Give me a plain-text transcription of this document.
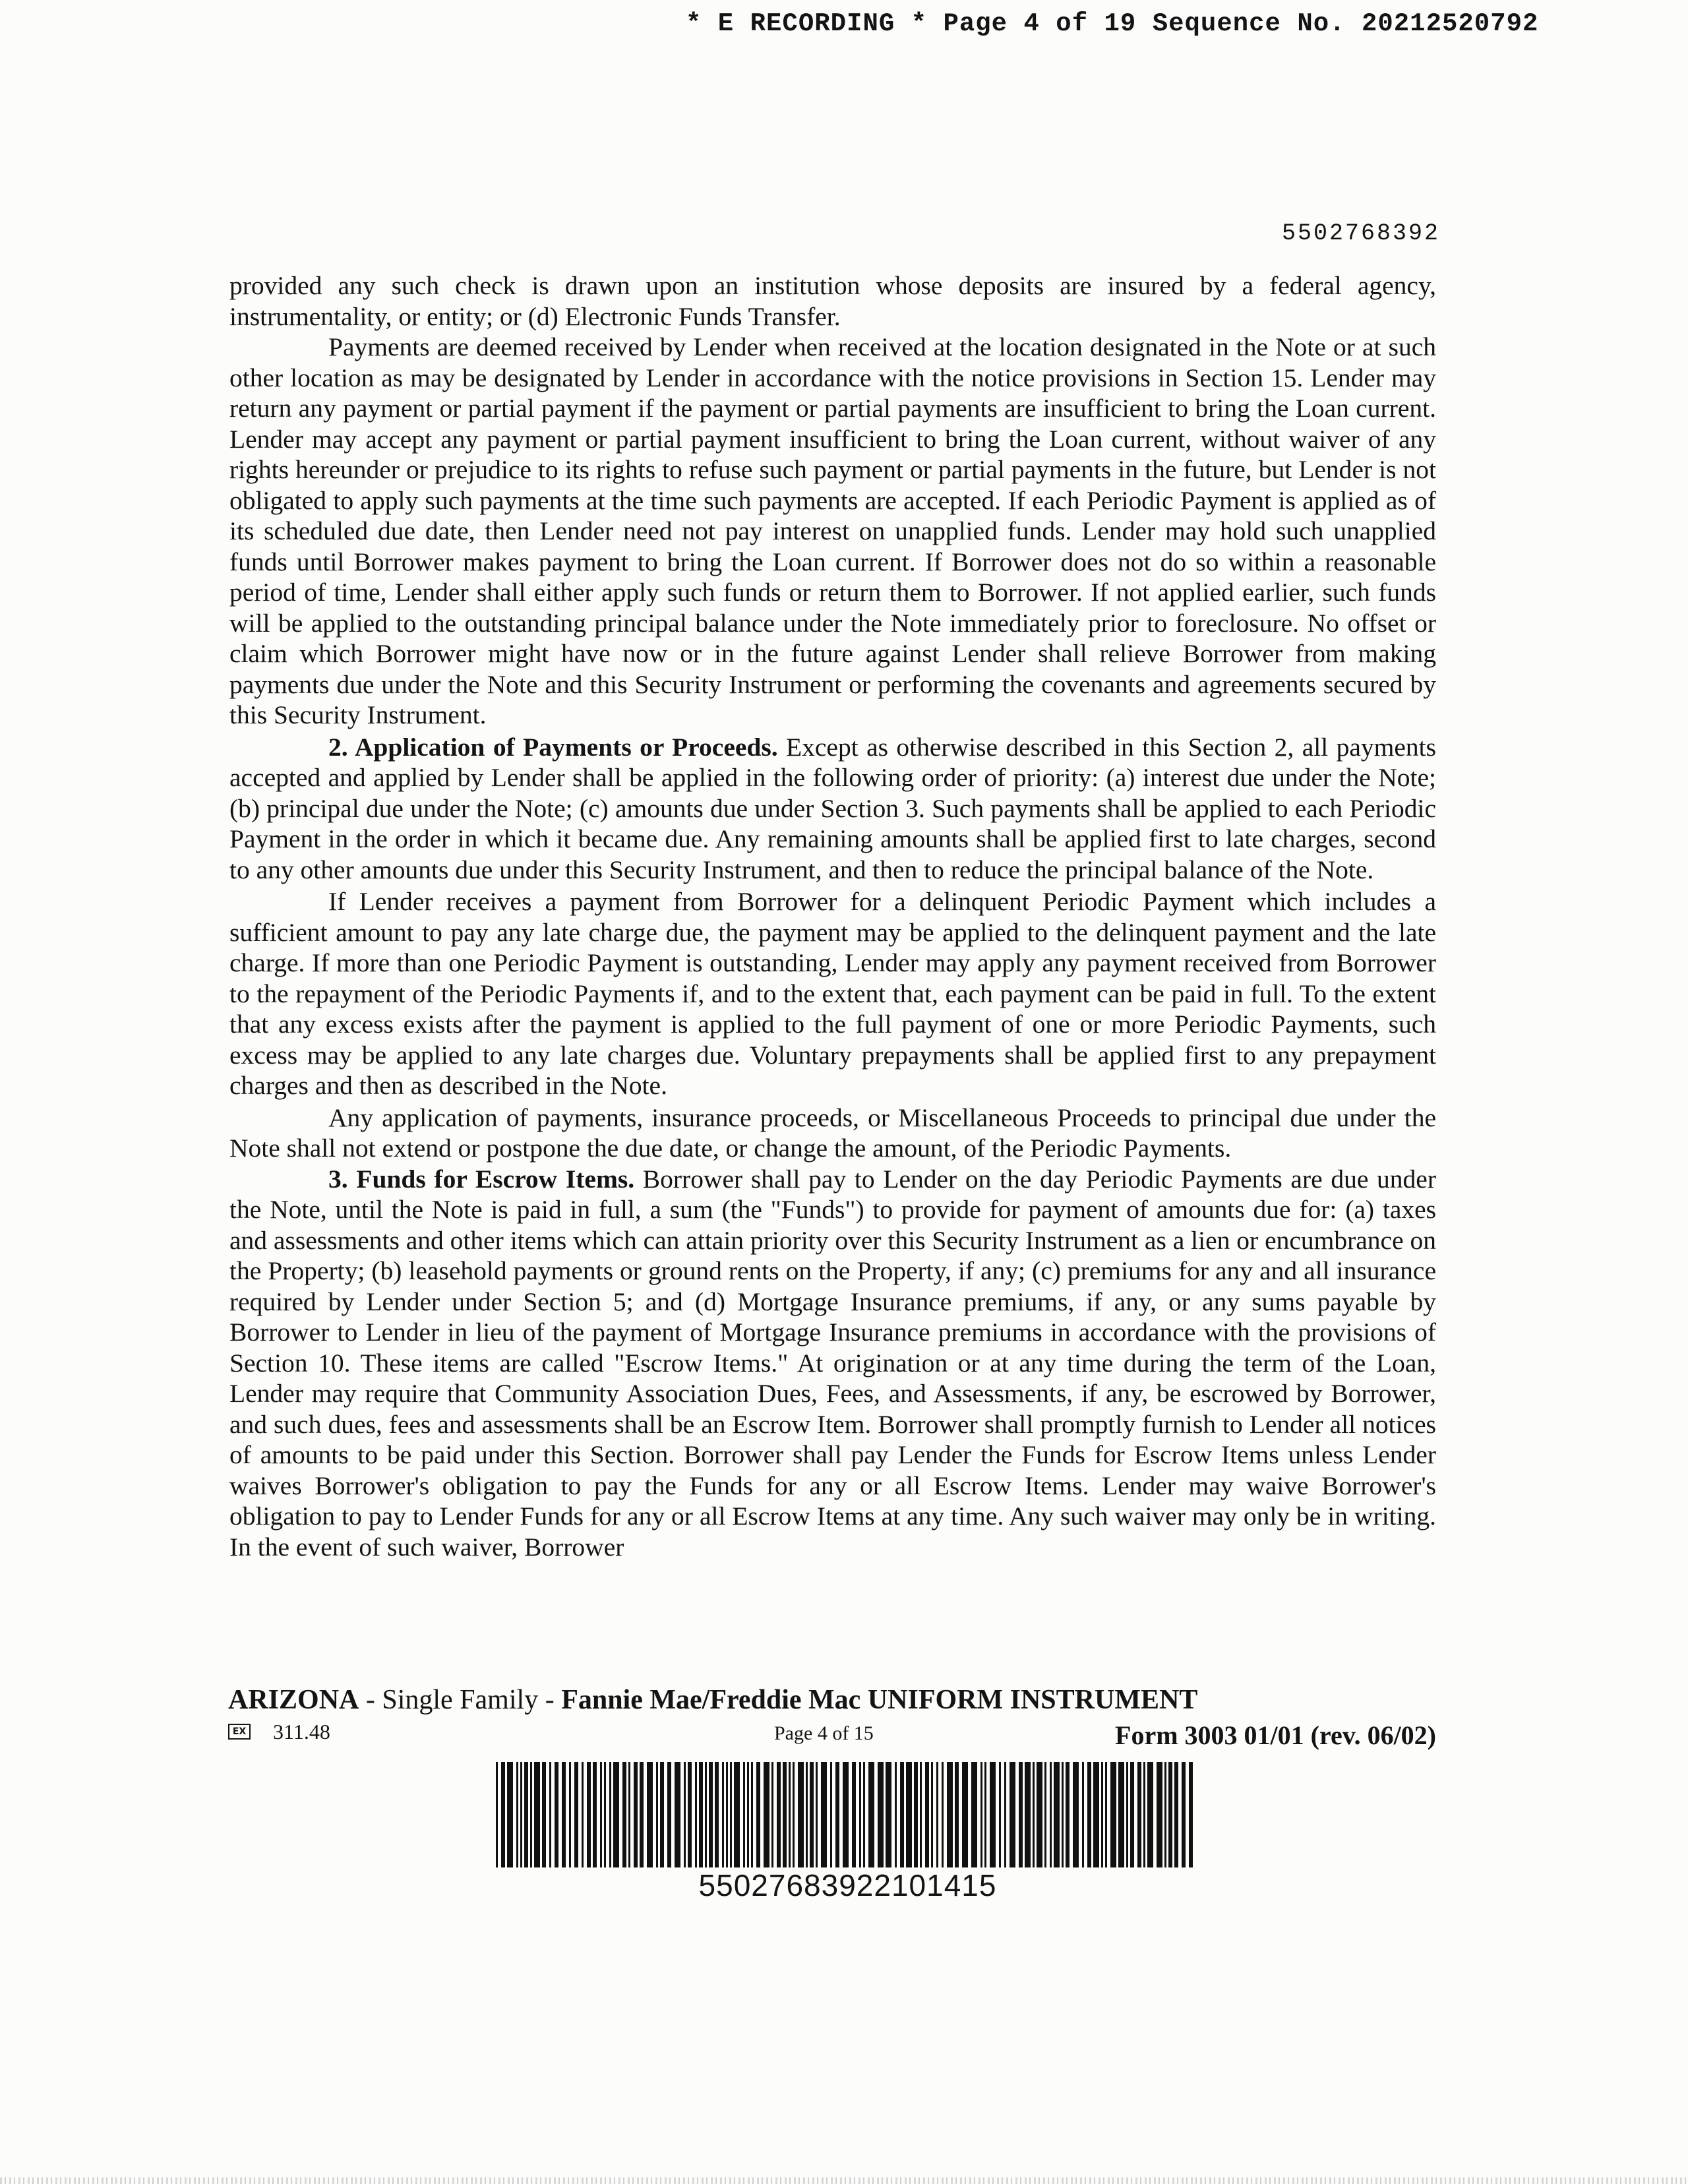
* E RECORDING * Page 4 of 19 Sequence No. 20212520792
5502768392

provided any such check is drawn upon an institution whose deposits are insured by a federal agency, instrumentality, or entity; or (d) Electronic Funds Transfer.

Payments are deemed received by Lender when received at the location designated in the Note or at such other location as may be designated by Lender in accordance with the notice provisions in Section 15. Lender may return any payment or partial payment if the payment or partial payments are insufficient to bring the Loan current. Lender may accept any payment or partial payment insufficient to bring the Loan current, without waiver of any rights hereunder or prejudice to its rights to refuse such payment or partial payments in the future, but Lender is not obligated to apply such payments at the time such payments are accepted. If each Periodic Payment is applied as of its scheduled due date, then Lender need not pay interest on unapplied funds. Lender may hold such unapplied funds until Borrower makes payment to bring the Loan current. If Borrower does not do so within a reasonable period of time, Lender shall either apply such funds or return them to Borrower. If not applied earlier, such funds will be applied to the outstanding principal balance under the Note immediately prior to foreclosure. No offset or claim which Borrower might have now or in the future against Lender shall relieve Borrower from making payments due under the Note and this Security Instrument or performing the covenants and agreements secured by this Security Instrument.

2. Application of Payments or Proceeds. Except as otherwise described in this Section 2, all payments accepted and applied by Lender shall be applied in the following order of priority: (a) interest due under the Note; (b) principal due under the Note; (c) amounts due under Section 3. Such payments shall be applied to each Periodic Payment in the order in which it became due. Any remaining amounts shall be applied first to late charges, second to any other amounts due under this Security Instrument, and then to reduce the principal balance of the Note.

If Lender receives a payment from Borrower for a delinquent Periodic Payment which includes a sufficient amount to pay any late charge due, the payment may be applied to the delinquent payment and the late charge. If more than one Periodic Payment is outstanding, Lender may apply any payment received from Borrower to the repayment of the Periodic Payments if, and to the extent that, each payment can be paid in full. To the extent that any excess exists after the payment is applied to the full payment of one or more Periodic Payments, such excess may be applied to any late charges due. Voluntary prepayments shall be applied first to any prepayment charges and then as described in the Note.

Any application of payments, insurance proceeds, or Miscellaneous Proceeds to principal due under the Note shall not extend or postpone the due date, or change the amount, of the Periodic Payments.

3. Funds for Escrow Items. Borrower shall pay to Lender on the day Periodic Payments are due under the Note, until the Note is paid in full, a sum (the "Funds") to provide for payment of amounts due for: (a) taxes and assessments and other items which can attain priority over this Security Instrument as a lien or encumbrance on the Property; (b) leasehold payments or ground rents on the Property, if any; (c) premiums for any and all insurance required by Lender under Section 5; and (d) Mortgage Insurance premiums, if any, or any sums payable by Borrower to Lender in lieu of the payment of Mortgage Insurance premiums in accordance with the provisions of Section 10. These items are called "Escrow Items." At origination or at any time during the term of the Loan, Lender may require that Community Association Dues, Fees, and Assessments, if any, be escrowed by Borrower, and such dues, fees and assessments shall be an Escrow Item. Borrower shall promptly furnish to Lender all notices of amounts to be paid under this Section. Borrower shall pay Lender the Funds for Escrow Items unless Lender waives Borrower's obligation to pay the Funds for any or all Escrow Items. Lender may waive Borrower's obligation to pay to Lender Funds for any or all Escrow Items at any time. Any such waiver may only be in writing. In the event of such waiver, Borrower

ARIZONA - Single Family - Fannie Mae/Freddie Mac UNIFORM INSTRUMENT
EX 311.48	Page 4 of 15	Form 3003 01/01 (rev. 06/02)
55027683922101415
